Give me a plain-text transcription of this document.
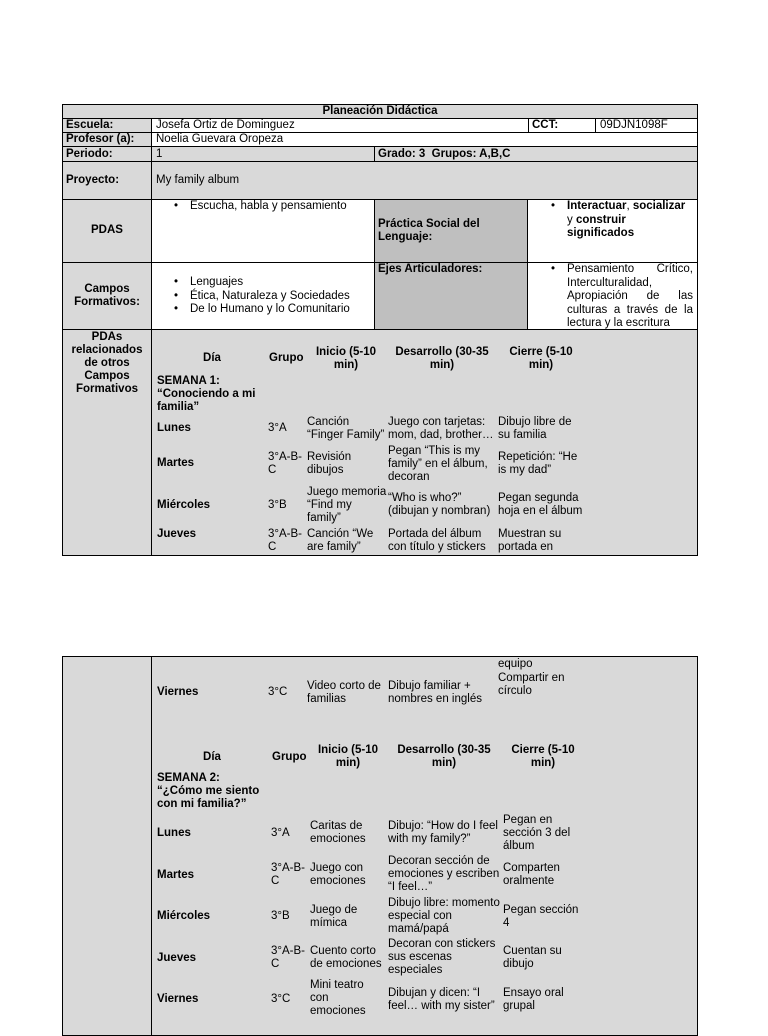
Planeación Didáctica
Escuela:	Josefa Ortiz de Dominguez	CCT:	09DJN1098F
Profesor (a): Noelia Guevara Oropeza
Periodo:	1	Grado: 3  Grupos: A,B,C
Proyecto:	My family album
PDAS
• Escucha, habla y pensamiento
Práctica Social del Lenguaje:
• Interactuar, socializar y construir significados
Campos Formativos:
• Lenguajes
• Ética, Naturaleza y Sociedades
• De lo Humano y lo Comunitario
Ejes Articuladores:
•	Pensamiento Crítico, Interculturalidad, Apropiación de las culturas a través de la lectura y la escritura
PDAs relacionados de otros Campos Formativos
Día	Grupo	Inicio (5-10 min)
Desarrollo (30-35 min)
Cierre (5-10 min)
SEMANA 1: “Conociendo a mi familia”
Lunes	3°A Canción “Finger Family”
Juego con tarjetas: mom, dad, brother…
Dibujo libre de su familia
Martes	3°A-B-C
Revisión dibujos
Pegan “This is my family” en el álbum, decoran
Repetición: “He is my dad”
Miércoles	3°B
Juego memoria “Find my family”
“Who is who?” (dibujan y nombran)
Pegan segunda hoja en el álbum
Jueves	3°A-B-C
Canción “We are family”
Portada del álbum con título y stickers
Muestran su portada en
equipo
Viernes	3°C Video corto de familias
Dibujo familiar + nombres en inglés
Compartir en círculo
Día	Grupo
Inicio (5-10 min)
Desarrollo (30-35 min)
Cierre (5-10 min)
SEMANA 2: “¿Cómo me siento con mi familia?”
Lunes	3°A
Caritas de emociones
Dibujo: “How do I feel with my family?”
Pegan en sección 3 del álbum
Martes
3°A-B-C
Juego con emociones
Decoran sección de emociones y escriben “I feel…”
Comparten oralmente
Miércoles	3°B Juego de mímica
Dibujo libre: momento especial con mamá/papá
Pegan sección 4
Jueves
3°A-B-C
Cuento corto de emociones
Decoran con stickers sus escenas especiales
Cuentan su dibujo
Viernes	3°C
Mini teatro con emociones
Dibujan y dicen: “I feel… with my sister”
Ensayo oral grupal
